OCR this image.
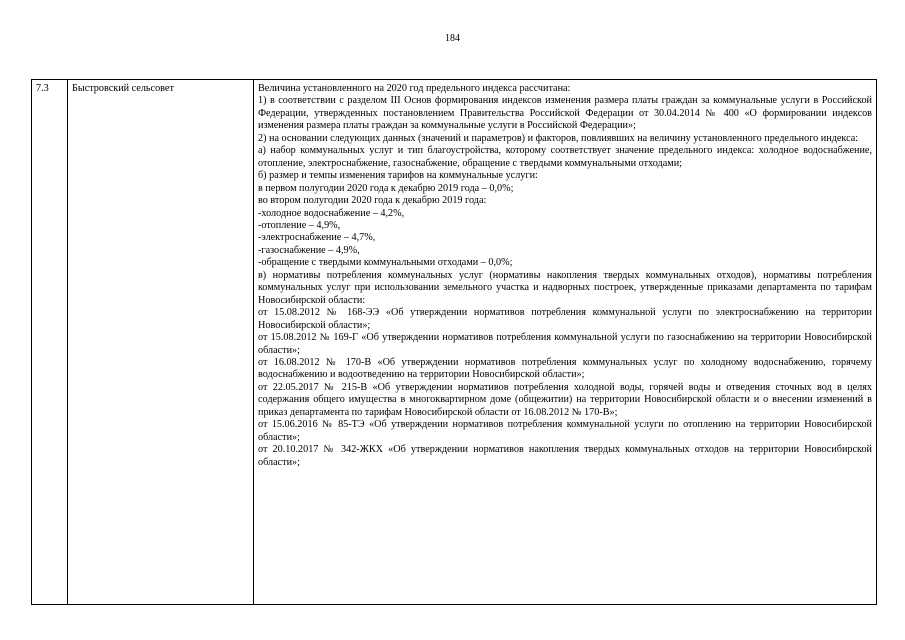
184
7.3	Быстровский сельсовет	Величина установленного на 2020 год предельного индекса рассчитана:

1) в соответствии с разделом III Основ формирования индексов изменения размера платы граждан за коммунальные услуги в Российской Федерации, утвержденных постановлением Правительства Российской Федерации от 30.04.2014 № 400 «О формировании индексов изменения размера платы граждан за коммунальные услуги в Российской Федерации»;

2) на основании следующих данных (значений и параметров) и факторов, повлиявших на величину установленного предельного индекса:

а) набор коммунальных услуг и тип благоустройства, которому соответствует значение предельного индекса: холодное водоснабжение, отопление, электроснабжение, газоснабжение, обращение с твердыми коммунальными отходами;

б) размер и темпы изменения тарифов на коммунальные услуги:

в первом полугодии 2020 года к декабрю 2019 года – 0,0%;

во втором полугодии 2020 года к декабрю 2019 года:

-холодное водоснабжение – 4,2%,

-отопление – 4,9%,

-электроснабжение – 4,7%,

-газоснабжение – 4,9%,

-обращение с твердыми коммунальными отходами – 0,0%;

в) нормативы потребления коммунальных услуг (нормативы накопления твердых коммунальных отходов), нормативы потребления коммунальных услуг при использовании земельного участка и надворных построек, утвержденные приказами департамента по тарифам Новосибирской области:

от 15.08.2012 № 168-ЭЭ «Об утверждении нормативов потребления коммунальной услуги по электроснабжению на территории Новосибирской области»;

от 15.08.2012 № 169-Г «Об утверждении нормативов потребления коммунальной услуги по газоснабжению на территории Новосибирской области»;

от 16.08.2012 № 170-В «Об утверждении нормативов потребления коммунальных услуг по холодному водоснабжению, горячему водоснабжению и водоотведению на территории Новосибирской области»;

от 22.05.2017 № 215-В «Об утверждении нормативов потребления холодной воды, горячей воды и отведения сточных вод в целях содержания общего имущества в многоквартирном доме (общежитии) на территории Новосибирской области и о внесении изменений в приказ департамента по тарифам Новосибирской области от 16.08.2012 № 170-В»;

от 15.06.2016 № 85-ТЭ «Об утверждении нормативов потребления коммунальной услуги по отоплению на территории Новосибирской области»;

от 20.10.2017 № 342-ЖКХ «Об утверждении нормативов накопления твердых коммунальных отходов на территории Новосибирской области»;
